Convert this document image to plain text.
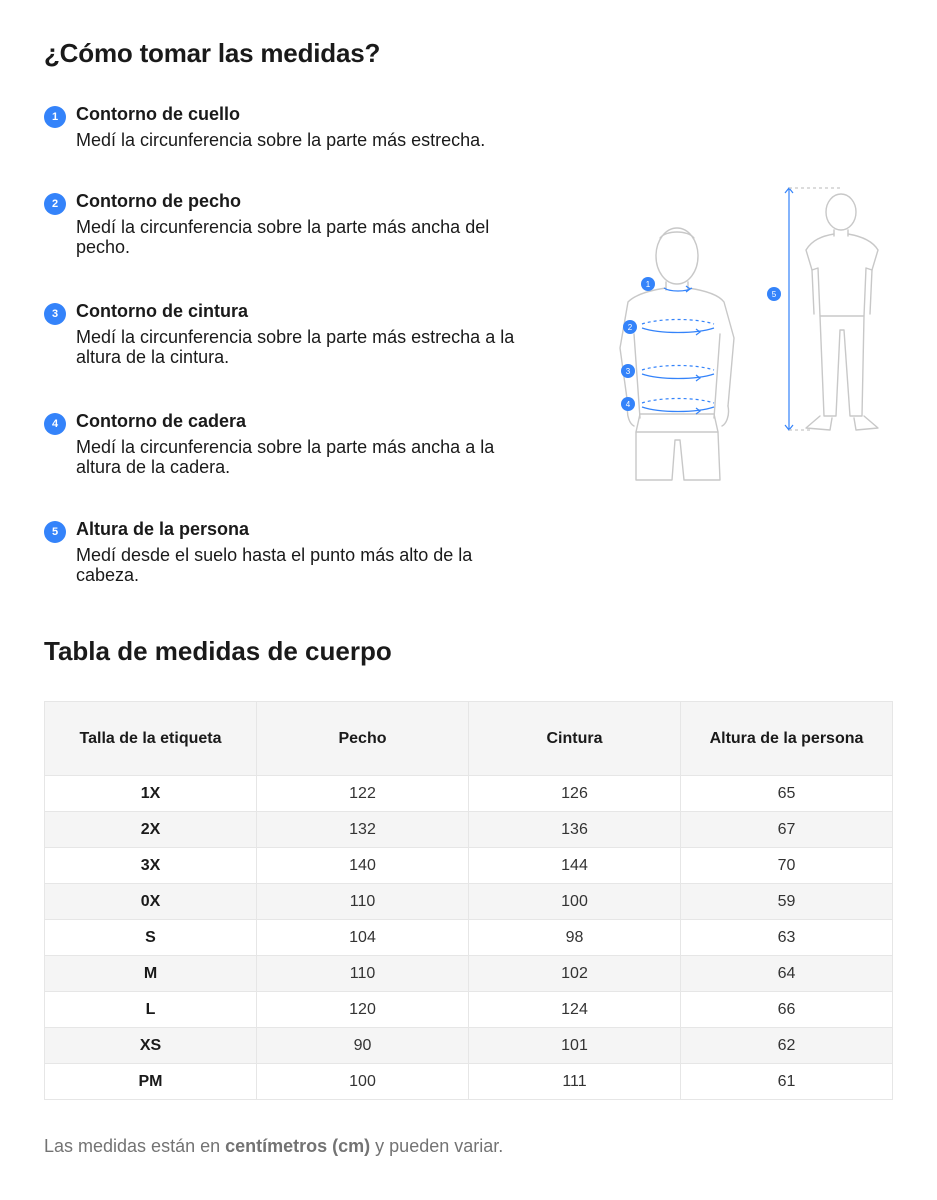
¿Cómo tomar las medidas?
1 Contorno de cuello
Medí la circunferencia sobre la parte más estrecha.
2 Contorno de pecho
Medí la circunferencia sobre la parte más ancha del pecho.
3 Contorno de cintura
Medí la circunferencia sobre la parte más estrecha a la altura de la cintura.
4 Contorno de cadera
Medí la circunferencia sobre la parte más ancha a la altura de la cadera.
5 Altura de la persona
Medí desde el suelo hasta el punto más alto de la cabeza.
1
2
3
4
5
Tabla de medidas de cuerpo
Talla de la etiqueta	Pecho	Cintura	Altura de la persona
1X	122	126	65
2X	132	136	67
3X	140	144	70
0X	110	100	59
S	104	98	63
M	110	102	64
L	120	124	66
XS	90	101	62
PM	100	111	61
Las medidas están en centímetros (cm) y pueden variar.
